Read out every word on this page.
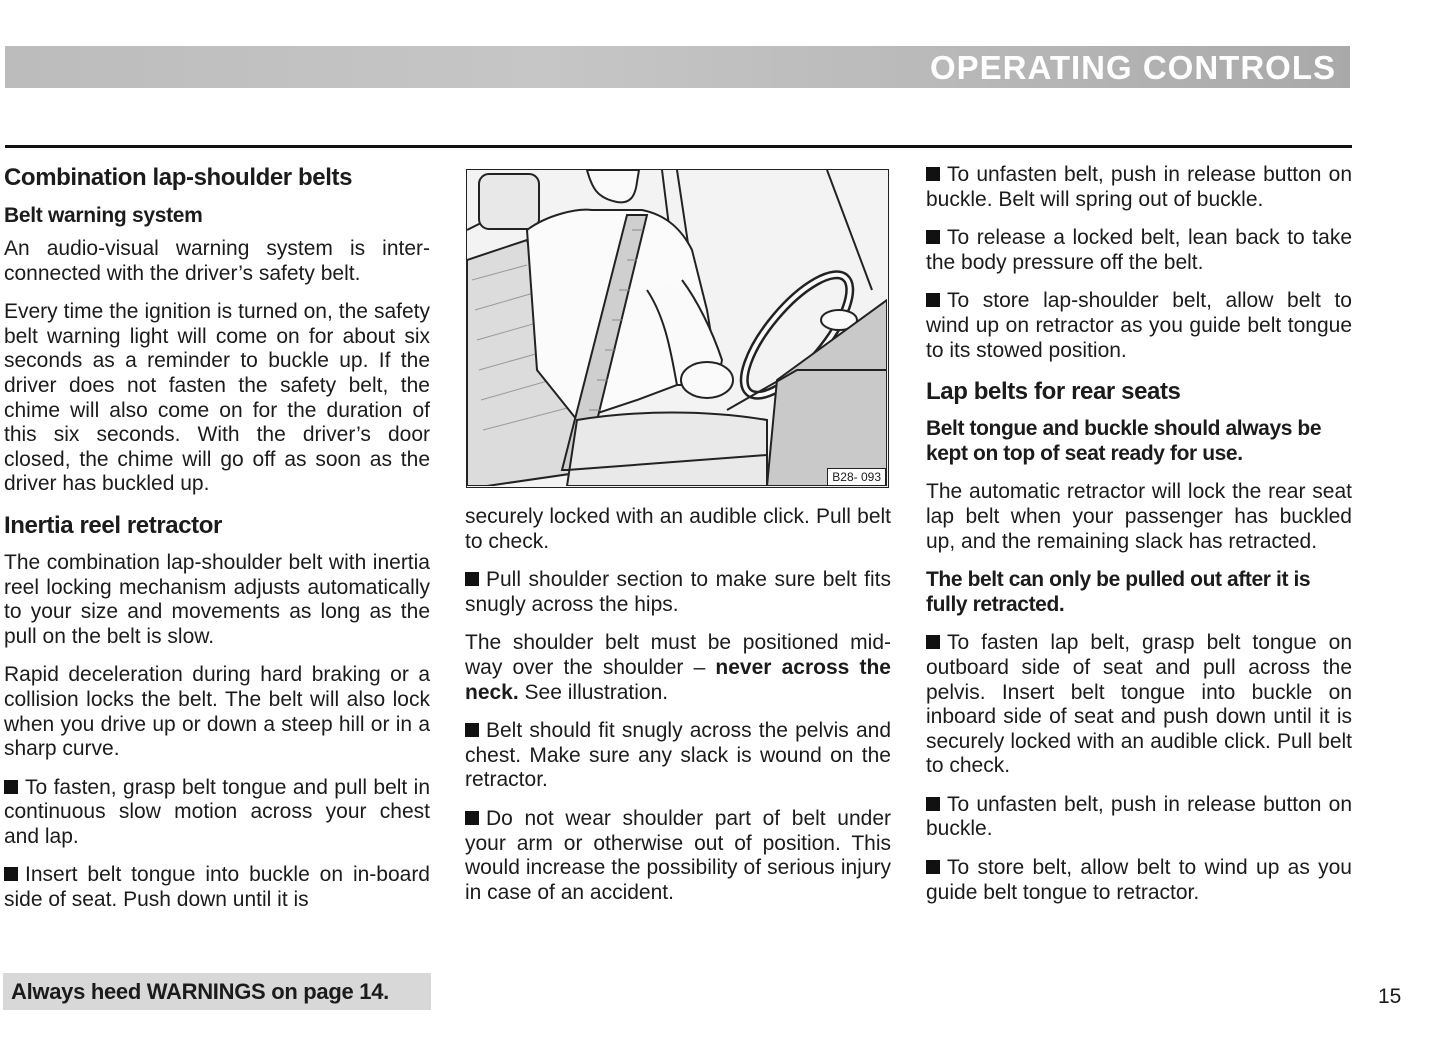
OPERATING CONTROLS
Combination lap-shoulder belts
Belt warning system

An audio-visual warning system is inter-connected with the driver’s safety belt.

Every time the ignition is turned on, the safety belt warning light will come on for about six seconds as a reminder to buckle up. If the driver does not fasten the safety belt, the chime will also come on for the duration of this six seconds. With the driver’s door closed, the chime will go off as soon as the driver has buckled up.

Inertia reel retractor

The combination lap-shoulder belt with inertia reel locking mechanism adjusts automatically to your size and movements as long as the pull on the belt is slow.

Rapid deceleration during hard braking or a collision locks the belt. The belt will also lock when you drive up or down a steep hill or in a sharp curve.

To fasten, grasp belt tongue and pull belt in continuous slow motion across your chest and lap.

Insert belt tongue into buckle on in-board side of seat. Push down until it is

B28- 093

securely locked with an audible click. Pull belt to check.

Pull shoulder section to make sure belt fits snugly across the hips.

The shoulder belt must be positioned mid-way over the shoulder – never across the neck. See illustration.

Belt should fit snugly across the pelvis and chest. Make sure any slack is wound on the retractor.

Do not wear shoulder part of belt under your arm or otherwise out of position. This would increase the possibility of serious injury in case of an accident.

To unfasten belt, push in release button on buckle. Belt will spring out of buckle.

To release a locked belt, lean back to take the body pressure off the belt.

To store lap-shoulder belt, allow belt to wind up on retractor as you guide belt tongue to its stowed position.

Lap belts for rear seats

Belt tongue and buckle should always be kept on top of seat ready for use.

The automatic retractor will lock the rear seat lap belt when your passenger has buckled up, and the remaining slack has retracted.

The belt can only be pulled out after it is fully retracted.

To fasten lap belt, grasp belt tongue on outboard side of seat and pull across the pelvis. Insert belt tongue into buckle on inboard side of seat and push down until it is securely locked with an audible click. Pull belt to check.

To unfasten belt, push in release button on buckle.

To store belt, allow belt to wind up as you guide belt tongue to retractor.

Always heed WARNINGS on page 14.	15
